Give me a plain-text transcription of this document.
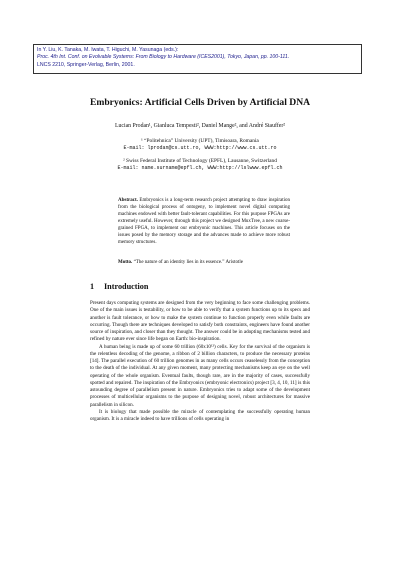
In Y. Liu, K. Tanaka, M. Iwata, T. Higuchi, M. Yasunaga (eds.):
Proc. 4th Int. Conf. on Evolvable Systems: From Biology to Hardware (ICES2001), Tokyo, Japan, pp. 100-111.
LNCS 2210, Springer-Verlag, Berlin, 2001.
Embryonics: Artificial Cells Driven by Artificial DNA
Lucian Prodan¹, Gianluca Tempesti², Daniel Mange², and André Stauffer²
¹ “Politehnica” University (UPT), Timisoara, Romania
E-mail: lprodan@cs.utt.ro, WWW:http://www.cs.utt.ro
² Swiss Federal Institute of Technology (EPFL), Lausanne, Switzerland
E-mail: name.surname@epfl.ch, WWW:http://lslwww.epfl.ch
Abstract. Embryonics is a long-term research project attempting to draw inspiration from the biological process of ontogeny, to implement novel digital computing machines endowed with better fault-tolerant capabilities. For this purpose FPGAs are extremely useful. However, through this project we designed MuxTree, a new coarse-grained FPGA, to implement our embryonic machines. This article focuses on the issues posed by the memory storage and the advances made to achieve more robust memory structures.
Motto. “The nature of an identity lies in its essence.” Aristotle
1 Introduction

Present days computing systems are designed from the very beginning to face some challenging problems. One of the main issues is testability, or how to be able to verify that a system functions up to its specs and another is fault tolerance, or how to make the system continue to function properly even while faults are occurring. Though there are techniques developed to satisfy both constraints, engineers have found another source of inspiration, and closer than they thought. The answer could be in adopting mechanisms tested and refined by nature ever since life began on Earth: bio-inspiration.

A human being is made up of some 60 trillion (60x10¹²) cells. Key for the survival of the organism is the relentless decoding of the genome, a ribbon of 2 billion characters, to produce the necessary proteins [14]. The parallel execution of 60 trillion genomes in as many cells occurs ceaselessly from the conception to the death of the individual. At any given moment, many protecting mechanisms keep an eye on the well operating of the whole organism. Eventual faults, though rare, are in the majority of cases, successfully spotted and repaired. The inspiration of the Embryonics (embryonic electronics) project [3, 4, 10, 11] is this astounding degree of parallelism present in nature. Embryonics tries to adapt some of the development processes of multicellular organisms to the purpose of designing novel, robust architectures for massive parallelism in silicon.

It is biology that made possible the miracle of contemplating the successfully operating human organism. It is a miracle indeed to have trillions of cells operating in
